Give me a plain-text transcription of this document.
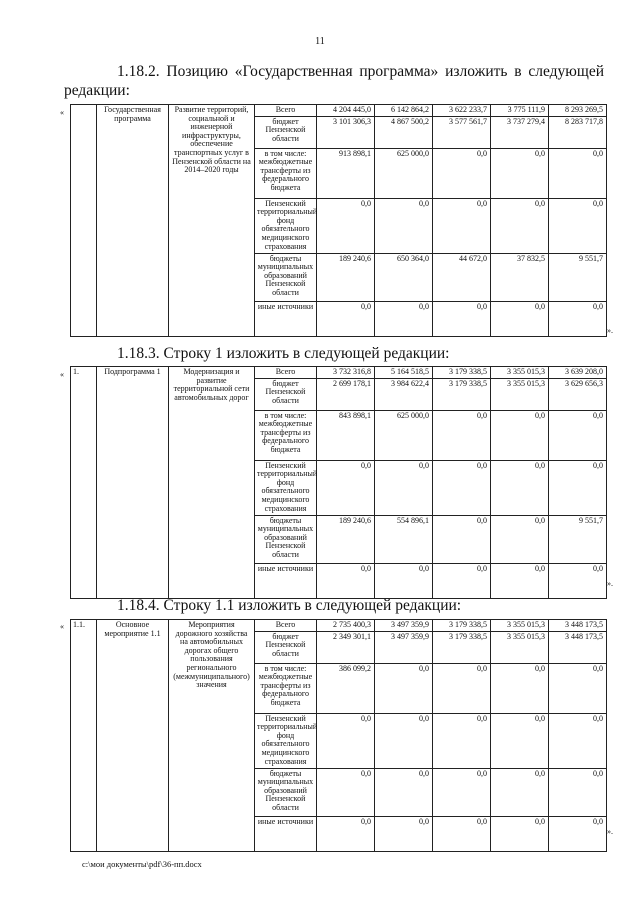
11
1.18.2. Позицию «Государственная программа» изложить в следующей редакции:
«
		Государственная программа	Развитие территорий, социальной и инженерной инфраструктуры, обеспечение транспортных услуг в Пензенской области на 2014–2020 годы	Всего	4 204 445,0	6 142 864,2	3 622 233,7	3 775 111,9	8 293 269,5
			бюджет Пензенской области	3 101 306,3	4 867 500,2	3 577 561,7	3 737 279,4	8 283 717,8
			в том числе: межбюджетные трансферты из федерального бюджета	913 898,1	625 000,0	0,0	0,0	0,0
			Пензенский территориальный фонд обязательного медицинского страхования	0,0	0,0	0,0	0,0	0,0
			бюджеты муниципальных образований Пензенской области	189 240,6	650 364,0	44 672,0	37 832,5	9 551,7
			иные источники	0,0	0,0	0,0	0,0	0,0
».
1.18.3. Строку 1 изложить в следующей редакции:
« 1.	Подпрограмма 1	Модернизация и развитие территориальной сети автомобильных дорог	Всего	3 732 316,8	5 164 518,5	3 179 338,5	3 355 015,3	3 639 208,0
			бюджет Пензенской области	2 699 178,1	3 984 622,4	3 179 338,5	3 355 015,3	3 629 656,3
			в том числе: межбюджетные трансферты из федерального бюджета	843 898,1	625 000,0	0,0	0,0	0,0
			Пензенский территориальный фонд обязательного медицинского страхования	0,0	0,0	0,0	0,0	0,0
			бюджеты муниципальных образований Пензенской области	189 240,6	554 896,1	0,0	0,0	9 551,7
			иные источники	0,0	0,0	0,0	0,0	0,0
».
1.18.4. Строку 1.1 изложить в следующей редакции:
« 1.1.	Основное мероприятие 1.1	Мероприятия дорожного хозяйства на автомобильных дорогах общего пользования регионального (межмуниципального) значения	Всего	2 735 400,3	3 497 359,9	3 179 338,5	3 355 015,3	3 448 173,5
			бюджет Пензенской области	2 349 301,1	3 497 359,9	3 179 338,5	3 355 015,3	3 448 173,5
			в том числе: межбюджетные трансферты из федерального бюджета	386 099,2	0,0	0,0	0,0	0,0
			Пензенский территориальный фонд обязательного медицинского страхования	0,0	0,0	0,0	0,0	0,0
			бюджеты муниципальных образований Пензенской области	0,0	0,0	0,0	0,0	0,0
			иные источники	0,0	0,0	0,0	0,0	0,0
».
c:\мои документы\pdf\36-пп.docx
